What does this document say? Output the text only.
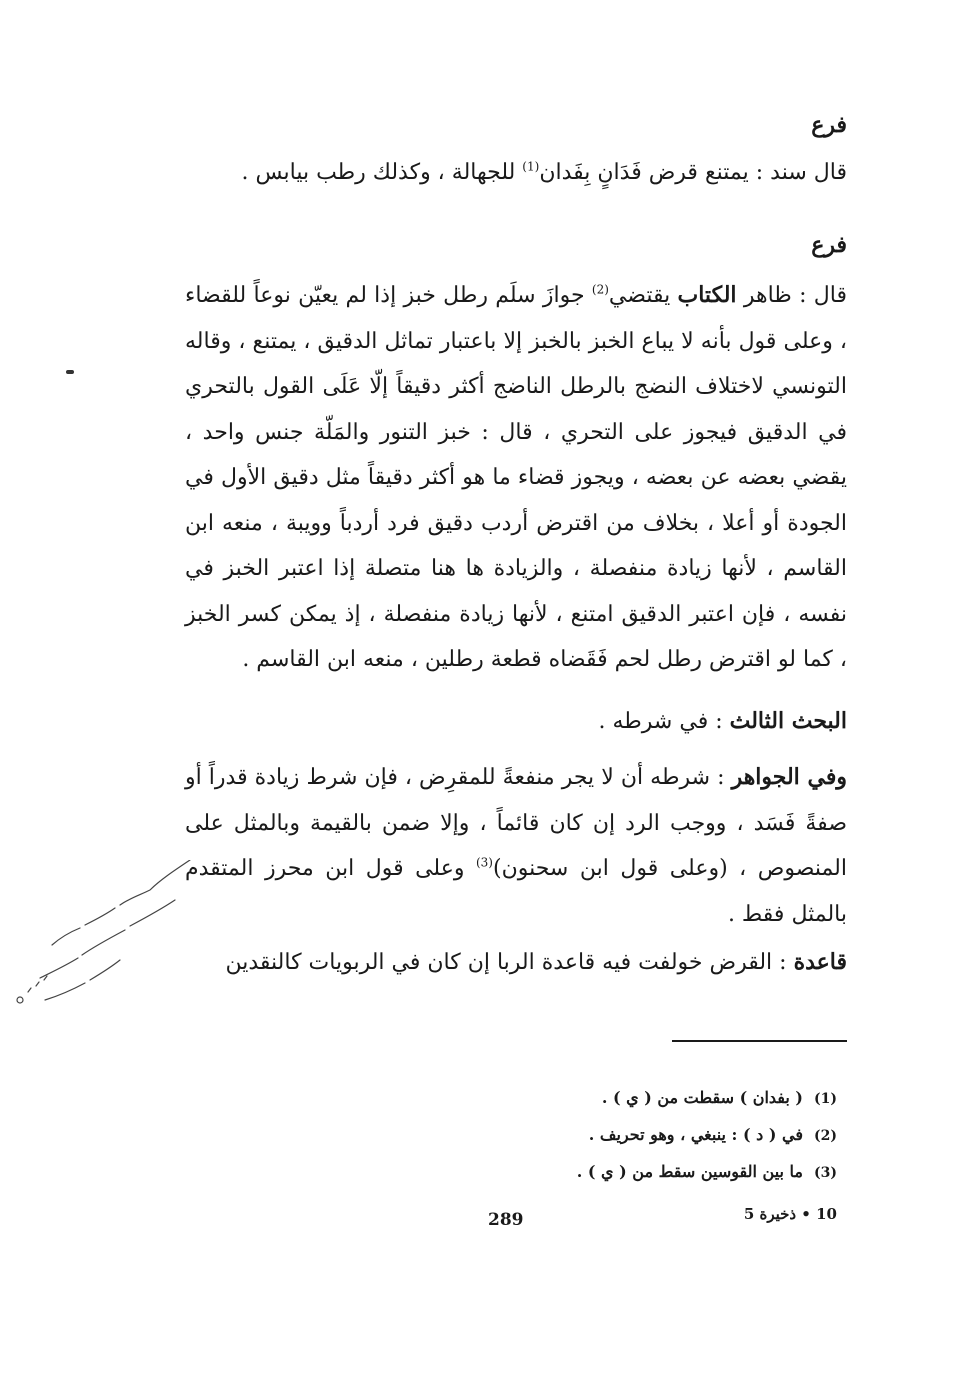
فرع
قال سند : يمتنع قرض فَدَانٍ بِفَدان$^{(1)}$ للجهالة ، وكذلك رطب بيابس .
فرع
قال : ظاهر الكتاب يقتضي$^{(2)}$ جوازَ سلَم رطل خبز إذا لم يعيّن نوعاً للقضاء ، وعلى قول بأنه لا يباع الخبز بالخبز إلا باعتبار تماثل الدقيق ، يمتنع ، وقاله التونسي لاختلاف النضج بالرطل الناضج أكثر دقيقاً إلّا عَلَى القول بالتحري في الدقيق فيجوز على التحري ، قال : خبز التنور والمَلّة جنس واحد ، يقضي بعضه عن بعضه ، ويجوز قضاء ما هو أكثر دقيقاً مثل دقيق الأول في الجودة أو أعلا ، بخلاف من اقترض أردب دقيق فرد أردباً وويبة ، منعه ابن القاسم ، لأنها زيادة منفصلة ، والزيادة ها هنا متصلة إذا اعتبر الخبز في نفسه ، فإن اعتبر الدقيق امتنع ، لأنها زيادة منفصلة ، إذ يمكن كسر الخبز ، كما لو اقترض رطل لحم فَقَضاه قطعة رطلين ، منعه ابن القاسم .
البحث الثالث : في شرطه .
وفي الجواهر : شرطه أن لا يجر منفعةً للمقرِض ، فإن شرط زيادة قدراً أو صفةً فَسَد ، ووجب الرد إن كان قائماً ، وإلا ضمن بالقيمة وبالمثل على المنصوص ، (وعلى قول ابن سحنون)$^{(3)}$ وعلى قول ابن محرز المتقدم بالمثل فقط .
قاعدة : القرض خولفت فيه قاعدة الربا إن كان في الربويات كالنقدين
(1)( بفدان ) سقطت من ( ي ) .
(2)في ( د ) : ينبغي ، وهو تحريف .
(3)ما بين القوسين سقط من ( ي ) .
289	10 • ذخيرة 5
